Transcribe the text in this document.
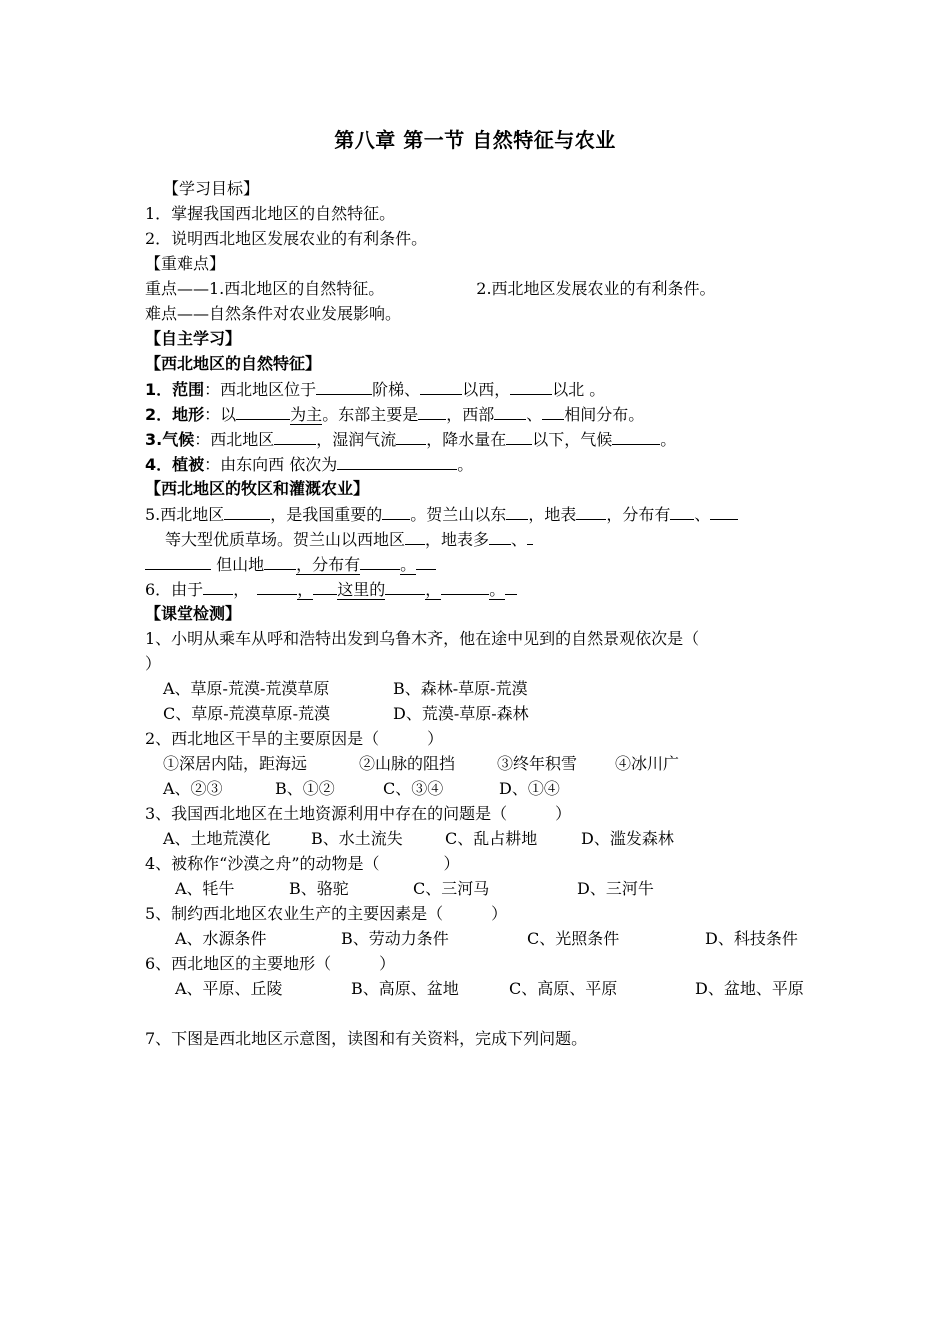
第八章 第一节 自然特征与农业
【学习目标】
1．掌握我国西北地区的自然特征。
2．说明西北地区发展农业的有利条件。
【重难点】
重点——1.西北地区的自然特征。	2.西北地区发展农业的有利条件。
难点——自然条件对农业发展影响。
【自主学习】
【西北地区的自然特征】
1．范围：西北地区位于	阶梯、	以西，	以北 。
2．地形：以	为主。东部主要是 ，西部 、 相间分布。
3.气候：西北地区	，湿润气流 ，降水量在 以下，气候	。
4．植被：由东向西 依次为	。
【西北地区的牧区和灌溉农业】
5.西北地区	，是我国重要的 。贺兰山以东 ，地表 ，分布有 、
等大型优质草场。贺兰山以西地区 ，地表多 、
但山地 ，分布有	。
6．由于 ，	， 这里的	，	。
【课堂检测】
1、小明从乘车从呼和浩特出发到乌鲁木齐，他在途中见到的自然景观依次是（
）
A、草原-荒漠-荒漠草原	B、森林-草原-荒漠
C、草原-荒漠草原-荒漠	D、荒漠-草原-森林
2、西北地区干旱的主要原因是（　　　）
①深居内陆，距海远	②山脉的阻挡	③终年积雪 ④冰川广
A、②③	B、①②	C、③④	D、①④
3、我国西北地区在土地资源利用中存在的问题是（　　　）
A、土地荒漠化	B、水土流失	C、乱占耕地	D、滥发森林
4、被称作“沙漠之舟”的动物是（　　　　）
A、牦牛	B、骆驼	C、三河马	D、三河牛
5、制约西北地区农业生产的主要因素是（　　　）
A、水源条件	B、劳动力条件	C、光照条件	D、科技条件
6、西北地区的主要地形（　　　）
A、平原、丘陵	B、高原、盆地	C、高原、平原	D、盆地、平原
7、下图是西北地区示意图，读图和有关资料，完成下列问题。
